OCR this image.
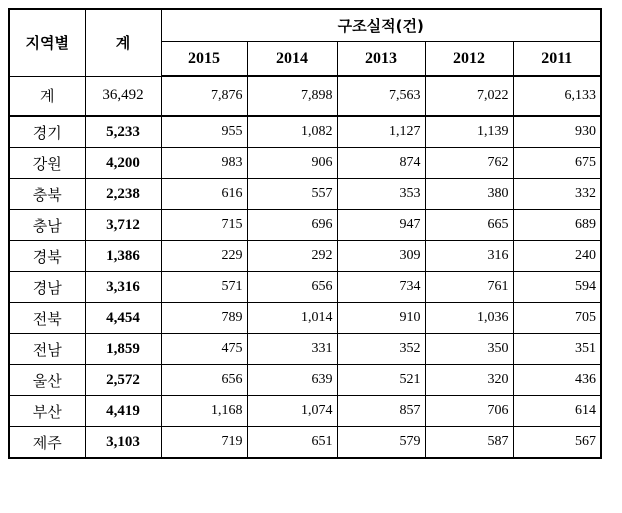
지역별	계	구조실적(건)				
		2015	2014	2013	2012	2011
계	36,492	7,876	7,898	7,563	7,022	6,133
경기	5,233	955	1,082	1,127	1,139	930
강원	4,200	983	906	874	762	675
충북	2,238	616	557	353	380	332
충남	3,712	715	696	947	665	689
경북	1,386	229	292	309	316	240
경남	3,316	571	656	734	761	594
전북	4,454	789	1,014	910	1,036	705
전남	1,859	475	331	352	350	351
울산	2,572	656	639	521	320	436
부산	4,419	1,168	1,074	857	706	614
제주	3,103	719	651	579	587	567
